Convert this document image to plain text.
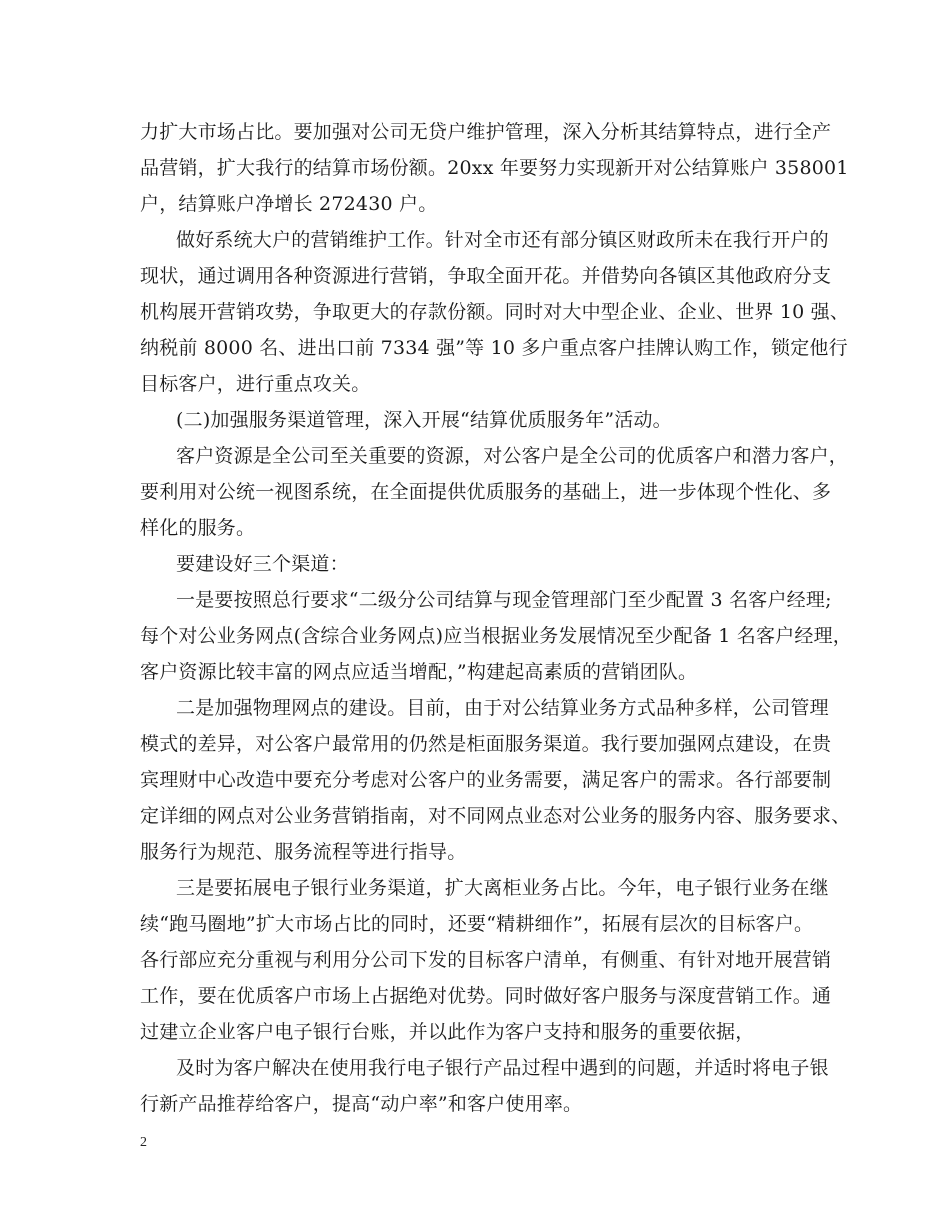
力扩大市场占比。要加强对公司无贷户维护管理，深入分析其结算特点，进行全产
品营销，扩大我行的结算市场份额。20xx 年要努力实现新开对公结算账户 358001
户，结算账户净增长 272430 户。
做好系统大户的营销维护工作。针对全市还有部分镇区财政所未在我行开户的
现状，通过调用各种资源进行营销，争取全面开花。并借势向各镇区其他政府分支
机构展开营销攻势，争取更大的存款份额。同时对大中型企业、企业、世界 10 强、
纳税前 8000 名、进出口前 7334 强”等 10 多户重点客户挂牌认购工作，锁定他行
目标客户，进行重点攻关。
(二)加强服务渠道管理，深入开展“结算优质服务年”活动。
客户资源是全公司至关重要的资源，对公客户是全公司的优质客户和潜力客户，
要利用对公统一视图系统，在全面提供优质服务的基础上，进一步体现个性化、多
样化的服务。
要建设好三个渠道：
一是要按照总行要求“二级分公司结算与现金管理部门至少配置 3 名客户经理;
每个对公业务网点(含综合业务网点)应当根据业务发展情况至少配备 1 名客户经理，
客户资源比较丰富的网点应适当增配，”构建起高素质的营销团队。
二是加强物理网点的建设。目前，由于对公结算业务方式品种多样，公司管理
模式的差异，对公客户最常用的仍然是柜面服务渠道。我行要加强网点建设，在贵
宾理财中心改造中要充分考虑对公客户的业务需要，满足客户的需求。各行部要制
定详细的网点对公业务营销指南，对不同网点业态对公业务的服务内容、服务要求、
服务行为规范、服务流程等进行指导。
三是要拓展电子银行业务渠道，扩大离柜业务占比。今年，电子银行业务在继
续“跑马圈地”扩大市场占比的同时，还要“精耕细作”，拓展有层次的目标客户。
各行部应充分重视与利用分公司下发的目标客户清单，有侧重、有针对地开展营销
工作，要在优质客户市场上占据绝对优势。同时做好客户服务与深度营销工作。通
过建立企业客户电子银行台账，并以此作为客户支持和服务的重要依据，
及时为客户解决在使用我行电子银行产品过程中遇到的问题，并适时将电子银
行新产品推荐给客户，提高“动户率”和客户使用率。
2
